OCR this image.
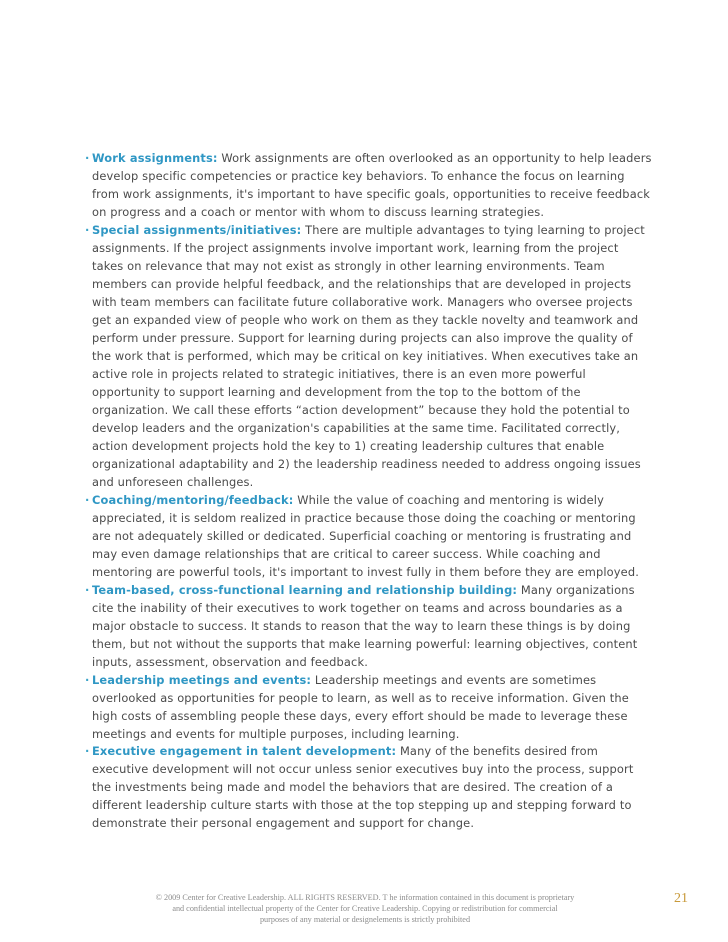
· Work assignments: Work assignments are often overlooked as an opportunity to help leaders develop specific competencies or practice key behaviors. To enhance the focus on learning from work assignments, it's important to have specific goals, opportunities to receive feedback on progress and a coach or mentor with whom to discuss learning strategies.
· Special assignments/initiatives: There are multiple advantages to tying learning to project assignments. If the project assignments involve important work, learning from the project takes on relevance that may not exist as strongly in other learning environments. Team members can provide helpful feedback, and the relationships that are developed in projects with team members can facilitate future collaborative work. Managers who oversee projects get an expanded view of people who work on them as they tackle novelty and teamwork and perform under pressure. Support for learning during projects can also improve the quality of the work that is performed, which may be critical on key initiatives. When executives take an active role in projects related to strategic initiatives, there is an even more powerful opportunity to support learning and development from the top to the bottom of the organization. We call these efforts “action development” because they hold the potential to develop leaders and the organization's capabilities at the same time. Facilitated correctly, action development projects hold the key to 1) creating leadership cultures that enable organizational adaptability and 2) the leadership readiness needed to address ongoing issues and unforeseen challenges.
· Coaching/mentoring/feedback: While the value of coaching and mentoring is widely appreciated, it is seldom realized in practice because those doing the coaching or mentoring are not adequately skilled or dedicated. Superficial coaching or mentoring is frustrating and may even damage relationships that are critical to career success. While coaching and mentoring are powerful tools, it's important to invest fully in them before they are employed.
· Team-based, cross-functional learning and relationship building: Many organizations cite the inability of their executives to work together on teams and across boundaries as a major obstacle to success. It stands to reason that the way to learn these things is by doing them, but not without the supports that make learning powerful: learning objectives, content inputs, assessment, observation and feedback.
· Leadership meetings and events: Leadership meetings and events are sometimes overlooked as opportunities for people to learn, as well as to receive information. Given the high costs of assembling people these days, every effort should be made to leverage these meetings and events for multiple purposes, including learning.
· Executive engagement in talent development: Many of the benefits desired from executive development will not occur unless senior executives buy into the process, support the investments being made and model the behaviors that are desired. The creation of a different leadership culture starts with those at the top stepping up and stepping forward to demonstrate their personal engagement and support for change.
© 2009 Center for Creative Leadership. ALL RIGHTS RESERVED. T he information contained in this document is proprietary
and confidential intellectual property of the Center for Creative Leadership. Copying or redistribution for commercial
purposes of any material or designelements is strictly prohibited
21
